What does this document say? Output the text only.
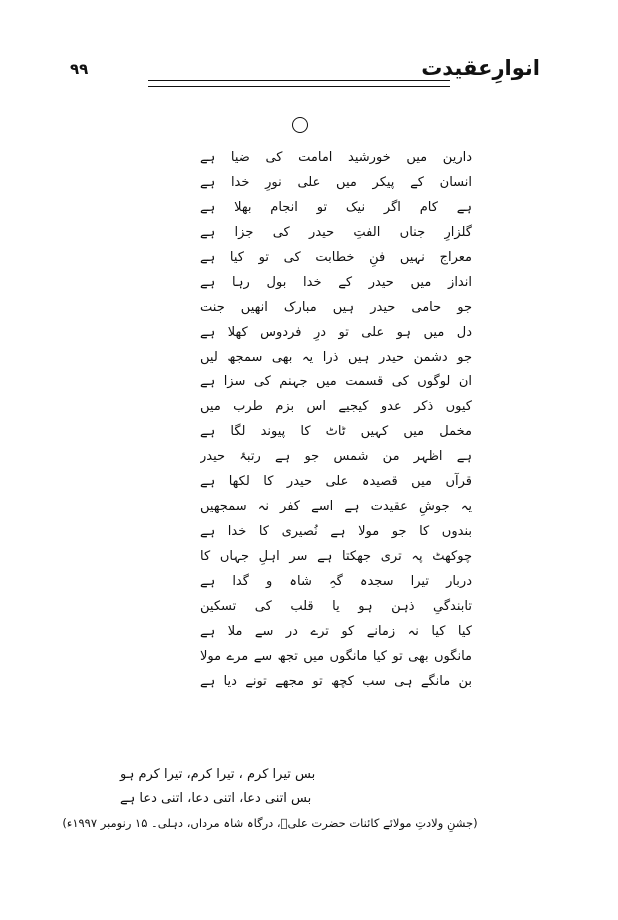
انوارِعقیدت
۹۹
دارین میں خورشید امامت کی ضیا ہے
انسان کے پیکر میں علی نورِ خدا ہے
ہے کام اگر نیک تو انجام بھلا ہے
گلزارِ جناں الفتِ حیدر کی جزا ہے
معراج نہیں فنِ خطابت کی تو کیا ہے
انداز میں حیدر کے خدا بول رہا ہے
جو حامی حیدر ہیں مبارک انھیں جنت
دل میں ہو علی تو درِ فردوس کھلا ہے
جو دشمن حیدر ہیں ذرا یہ بھی سمجھ لیں
ان لوگوں کی قسمت میں جہنم کی سزا ہے
کیوں ذکر عدو کیجیے اس بزم طرب میں
مخمل میں کہیں ٹاٹ کا پیوند لگا ہے
ہے اظہر من شمس جو ہے رتبۂ حیدر
قرآں میں قصیدہ علی حیدر کا لکھا ہے
یہ جوشِ عقیدت ہے اسے کفر نہ سمجھیں
بندوں کا جو مولا ہے نُصیری کا خدا ہے
چوکھٹ پہ تری جھکتا ہے سر اہلِ جہاں کا
دربار تیرا سجدہ گہِ شاہ و گدا ہے
تابندگیِ ذہن ہو یا قلب کی تسکین
کیا کیا نہ زمانے کو ترے در سے ملا ہے
مانگوں بھی تو کیا مانگوں میں تجھ سے مرے مولا
بن مانگے ہی سب کچھ تو مجھے تونے دیا ہے
بس تیرا کرم ، تیرا کرم، تیرا کرم ہو
بس اتنی دعا، اتنی دعا، اتنی دعا ہے
(جشنِ ولادتِ مولائے کائنات حضرت علیؑ، درگاہ شاہ مرداں، دہلی۔ ۱۵ رنومبر ۱۹۹۷ء)
